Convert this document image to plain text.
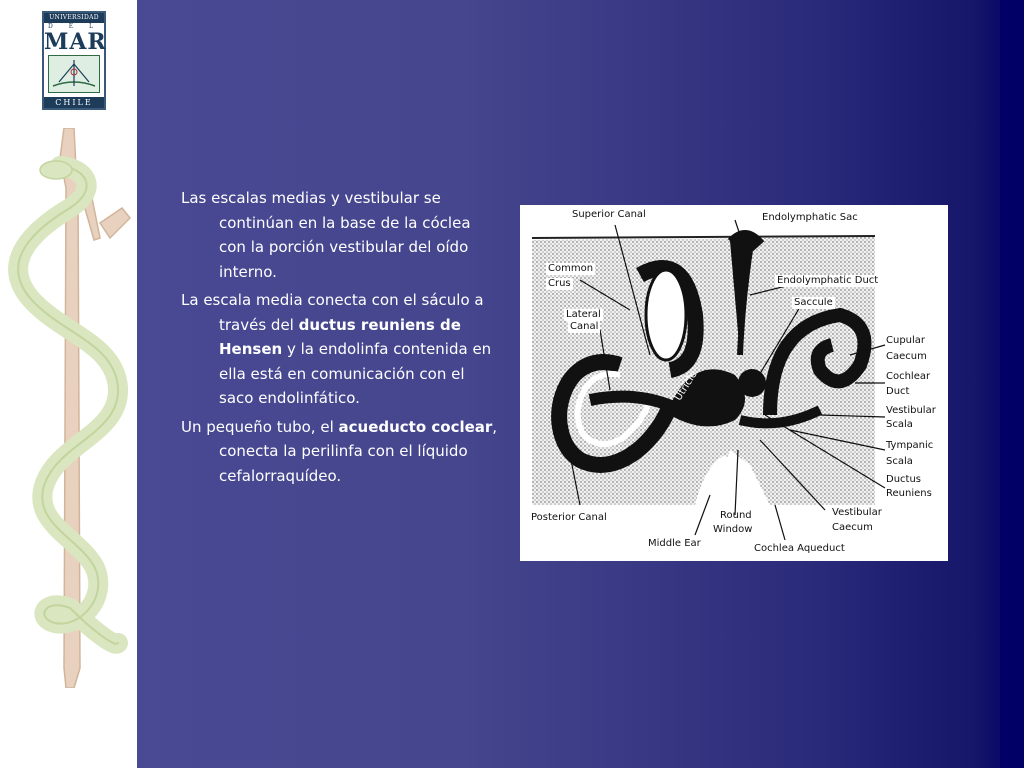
UNIVERSIDAD
D E L
MAR
CHILE

Las escalas medias y vestibular se continúan en la base de la cóclea con la porción vestibular del oído interno.

La escala media conecta con el sáculo a través del ductus reuniens de Hensen y la endolinfa contenida en ella está en comunicación con el saco endolinfático.

Un pequeño tubo, el acueducto coclear, conecta la perilinfa con el líquido cefalorraquídeo.

Superior Canal	Endolymphatic Sac
Common
Crus	Endolymphatic Duct
Saccule
Lateral
Canal
Cupular
Caecum
Cochlear
Duct
Utricle
Vestibular
Scala
Tympanic
Scala
Ductus
Reuniens
Posterior Canal	Round
Window
Vestibular
Caecum
Middle Ear	Cochlea Aqueduct
